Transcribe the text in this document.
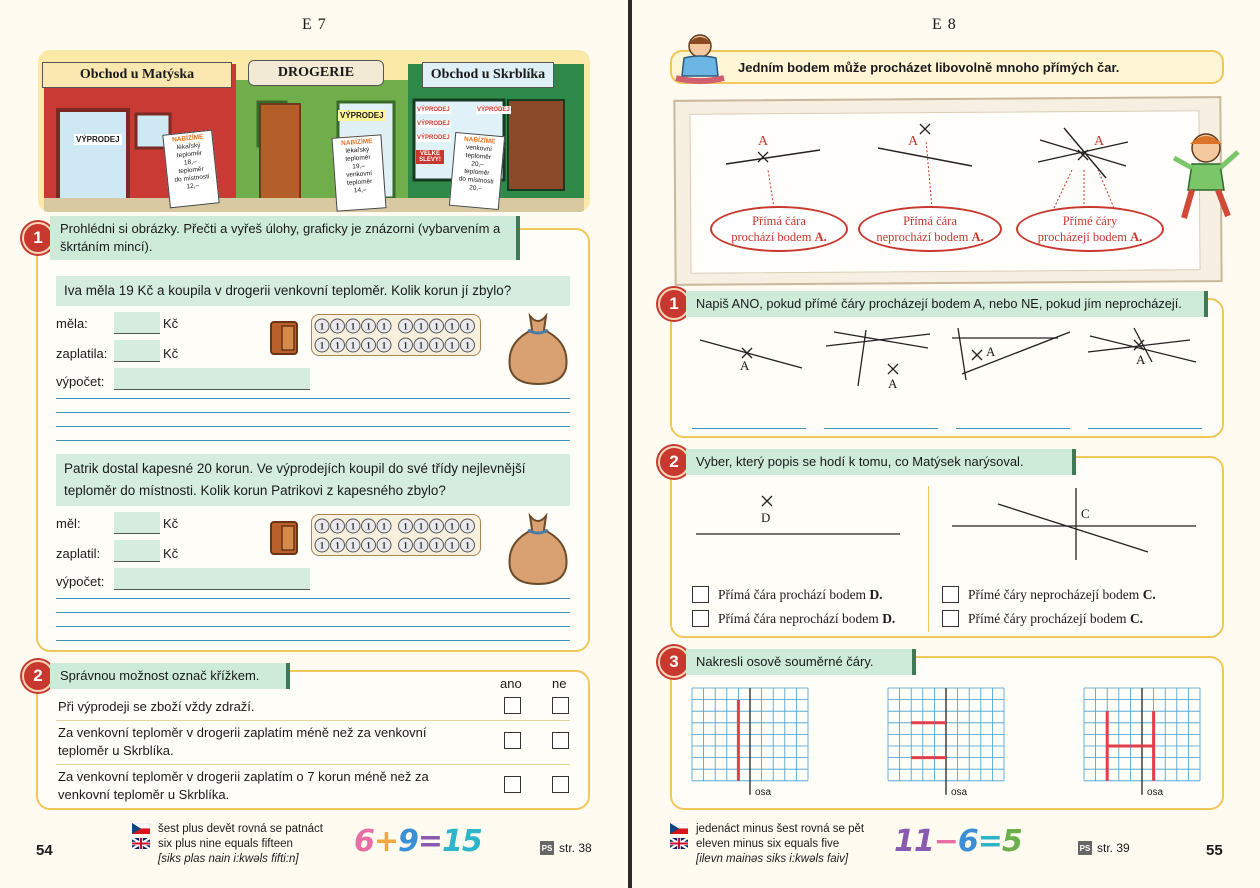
E 7
Obchod u Matýska	DROGERIE	Obchod u Skrblíka
VÝPRODEJ
VÝPRODEJ
VÝPRODEJ
VÝPRODEJ
VÝPRODEJ
VÝPRODEJ
VELKÉ SLEVY!
NABÍZÍME
lékařský
teploměr
18,–
teploměr
do místnosti
12,–
NABÍZÍME
lékařský
teploměr
19,–
venkovní
teploměr
14,–
NABÍZÍME
venkovní
teploměr
20,–
teploměr
do místnosti
20,–
1	Prohlédni si obrázky. Přečti a vyřeš úlohy, graficky je znázorni (vybarvením a škrtáním mincí).
Iva měla 19 Kč a koupila v drogerii venkovní teploměr. Kolik korun jí zbylo?
měla:	Kč
zaplatila:	Kč
výpočet:
1 1 1 1 1 1 1 1 1 1
1 1 1 1 1 1 1 1 1 1
Patrik dostal kapesné 20 korun. Ve výprodejích koupil do své třídy nejlevnější teploměr do místnosti. Kolik korun Patrikovi z kapesného zbylo?
měl:	Kč
zaplatil:	Kč
výpočet:
1 1 1 1 1 1 1 1 1 1
1 1 1 1 1 1 1 1 1 1
2	Správnou možnost označ křížkem.
ano ne
Při výprodeji se zboží vždy zdraží.
Za venkovní teploměr v drogerii zaplatím méně než za venkovní teploměr u Skrblíka.
Za venkovní teploměr v drogerii zaplatím o 7 korun méně než za venkovní teploměr u Skrblíka.
54
šest plus devět rovná se patnáct
six plus nine equals fifteen
[siks plas nain i:kwəls fifti:n]	6+9=15	PS str. 38
E 8
Jedním bodem může procházet libovolně mnoho přímých čar.
A	A	A
Přímá čára
prochází bodem A.
Přímá čára
neprochází bodem A.
Přímé čáry
procházejí bodem A.
1	Napiš ANO, pokud přímé čáry procházejí bodem A, nebo NE, pokud jím neprocházejí.
A
A
A
A
2	Vyber, který popis se hodí k tomu, co Matýsek narýsoval.
D	C
Přímá čára prochází bodem D.
Přímá čára neprochází bodem D.
Přímé čáry neprocházejí bodem C.
Přímé čáry procházejí bodem C.
3	Nakresli osově souměrné čáry.
osa	osa	osa
jedenáct minus šest rovná se pět
eleven minus six equals five
[ilevn mainəs siks i:kwəls faiv]	11−6=5	PS str. 39	55
